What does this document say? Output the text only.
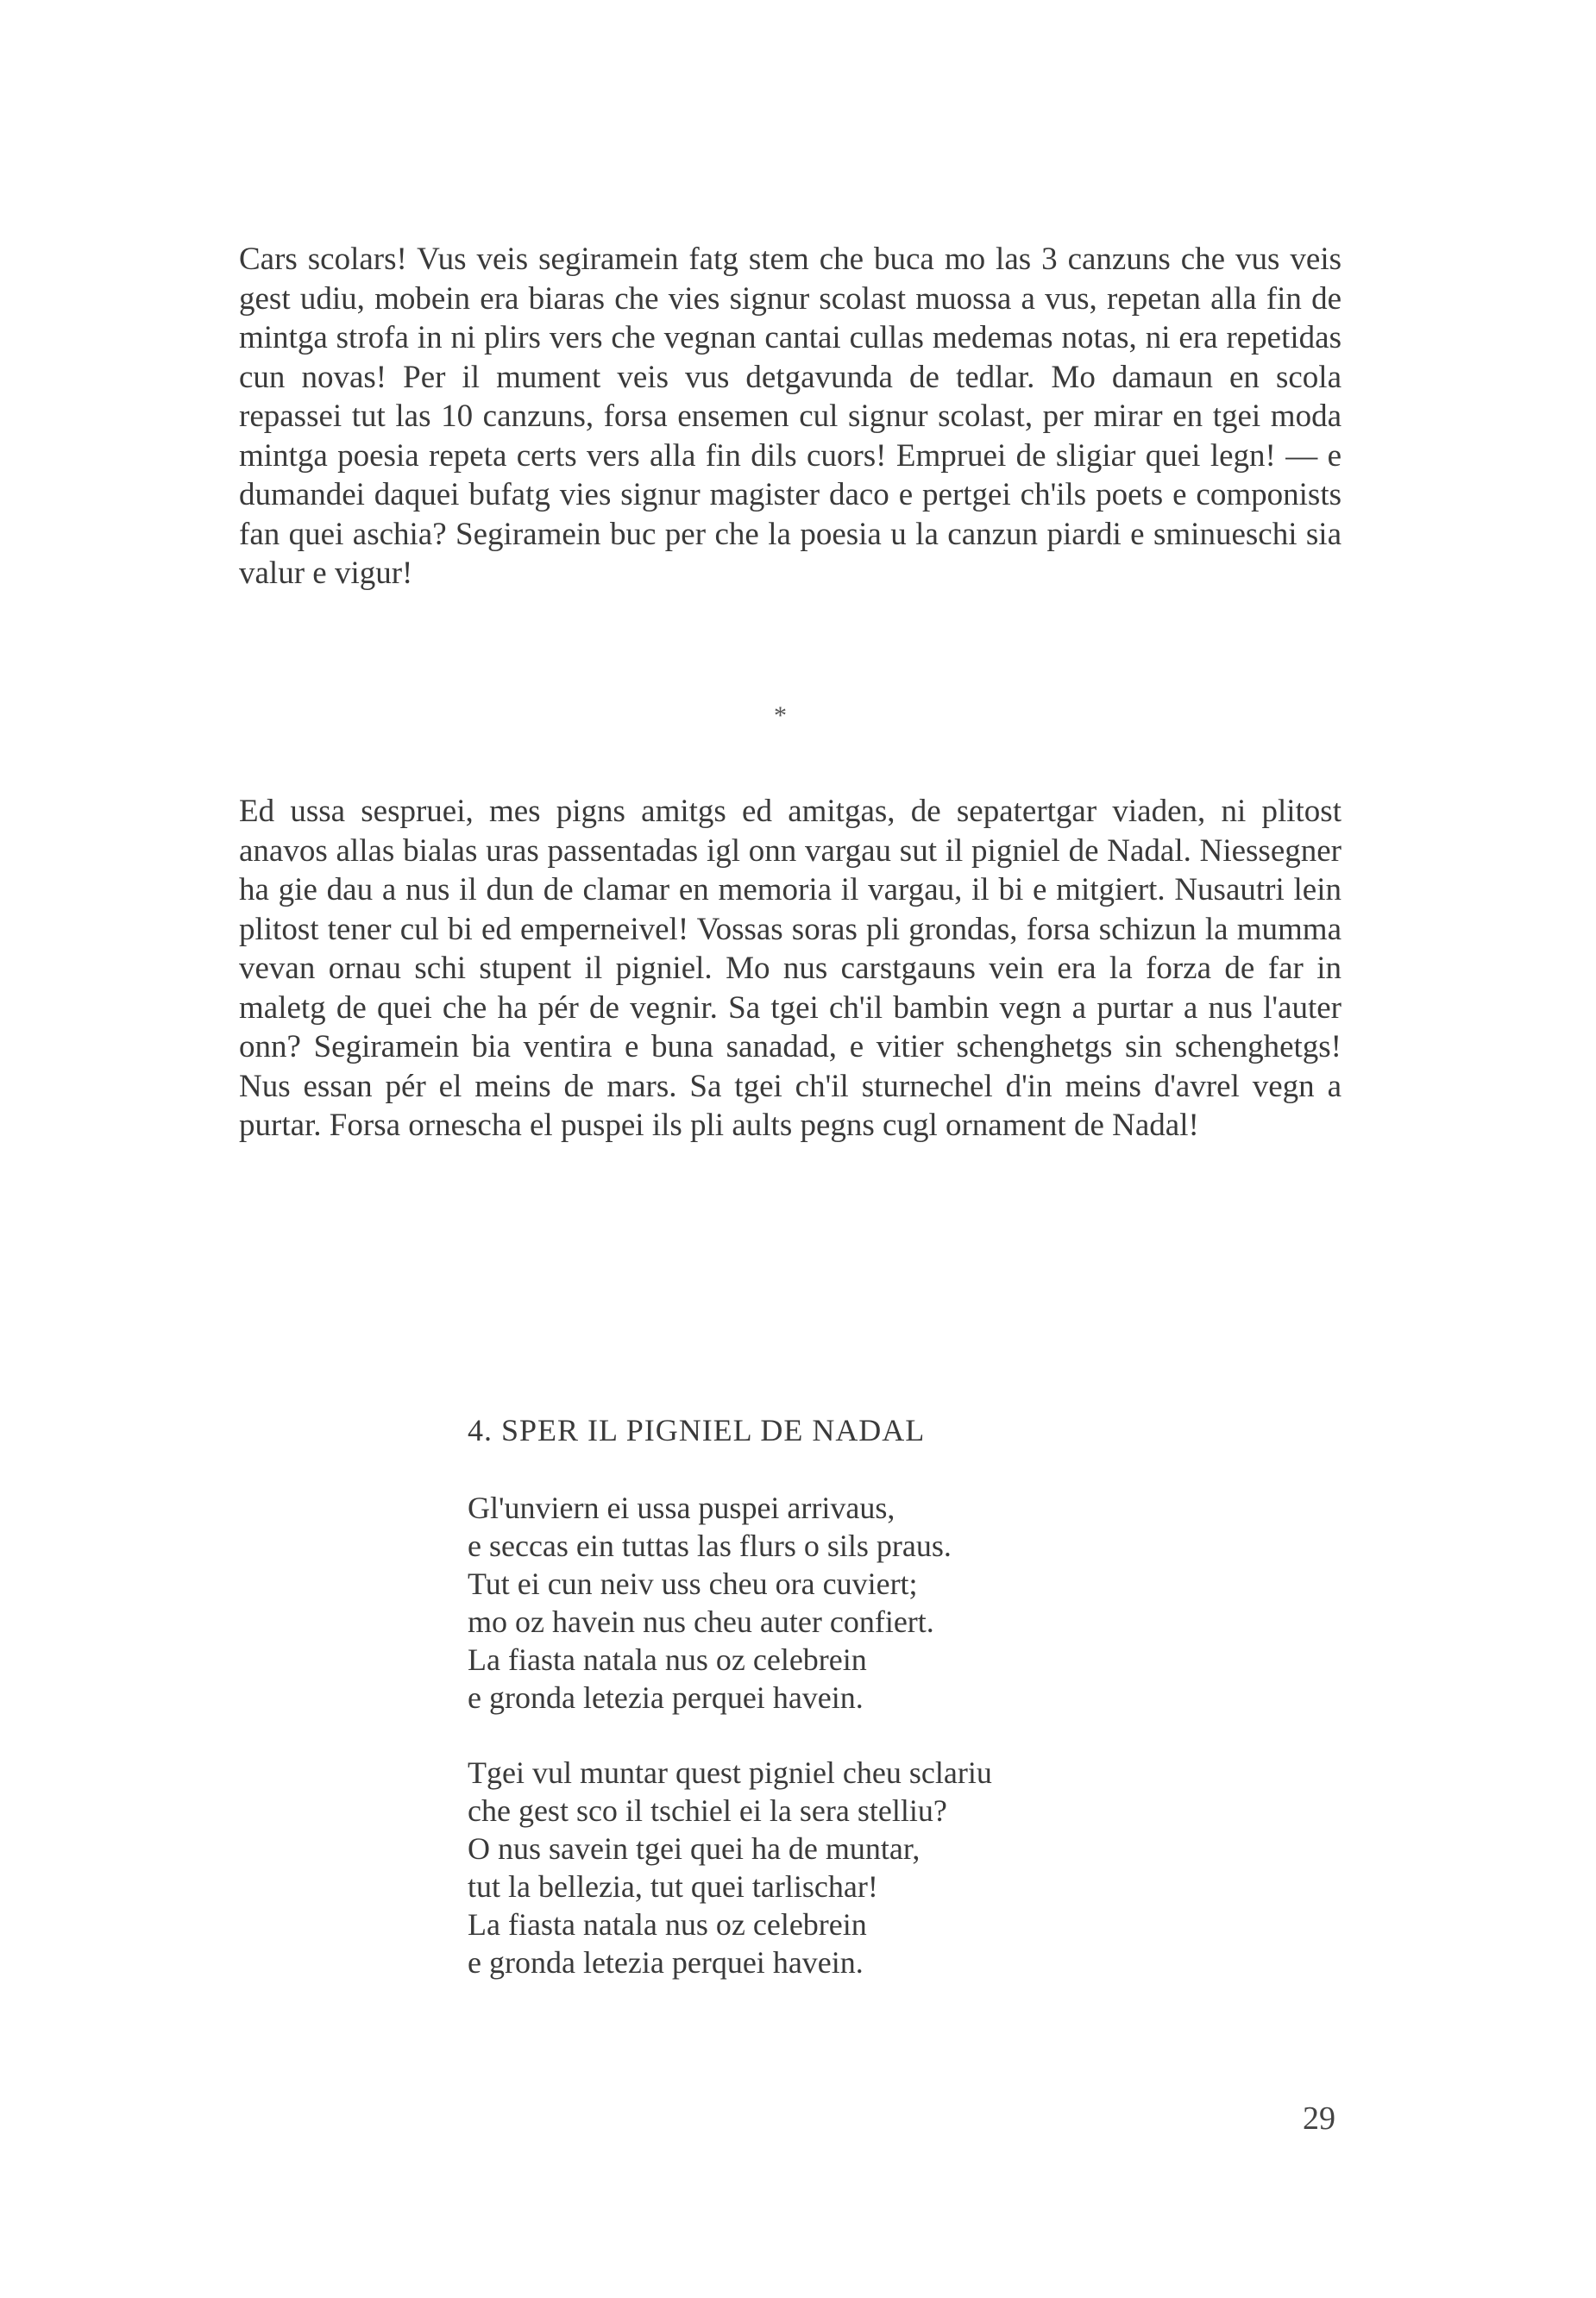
Cars scolars! Vus veis segiramein fatg stem che buca mo las 3 canzuns che vus veis gest udiu, mobein era biaras che vies signur scolast muossa a vus, repetan alla fin de mintga strofa in ni plirs vers che vegnan cantai cullas medemas notas, ni era repetidas cun novas! Per il mument veis vus detgavunda de tedlar. Mo damaun en scola repassei tut las 10 canzuns, forsa ensemen cul signur scolast, per mirar en tgei moda mintga poesia repeta certs vers alla fin dils cuors! Empruei de sligiar quei legn! — e dumandei daquei bufatg vies signur magister daco e pertgei ch'ils poets e componists fan quei aschia? Segiramein buc per che la poesia u la canzun piardi e sminueschi sia valur e vigur!

*

Ed ussa sespruei, mes pigns amitgs ed amitgas, de sepatertgar viaden, ni plitost anavos allas bialas uras passentadas igl onn vargau sut il pigniel de Nadal. Niessegner ha gie dau a nus il dun de clamar en memoria il vargau, il bi e mitgiert. Nusautri lein plitost tener cul bi ed emperneivel! Vossas soras pli grondas, forsa schizun la mumma vevan ornau schi stupent il pigniel. Mo nus carstgauns vein era la forza de far in maletg de quei che ha pér de vegnir. Sa tgei ch'il bambin vegn a purtar a nus l'auter onn? Segiramein bia ventira e buna sanadad, e vitier schenghetgs sin schenghetgs! Nus essan pér el meins de mars. Sa tgei ch'il sturnechel d'in meins d'avrel vegn a purtar. Forsa ornescha el puspei ils pli aults pegns cugl ornament de Nadal!

4. SPER IL PIGNIEL DE NADAL
Gl'unviern ei ussa puspei arrivaus,
e seccas ein tuttas las flurs o sils praus.
Tut ei cun neiv uss cheu ora cuviert;
mo oz havein nus cheu auter confiert.
La fiasta natala nus oz celebrein
e gronda letezia perquei havein.
Tgei vul muntar quest pigniel cheu sclariu
che gest sco il tschiel ei la sera stelliu?
O nus savein tgei quei ha de muntar,
tut la bellezia, tut quei tarlischar!
La fiasta natala nus oz celebrein
e gronda letezia perquei havein.
29
